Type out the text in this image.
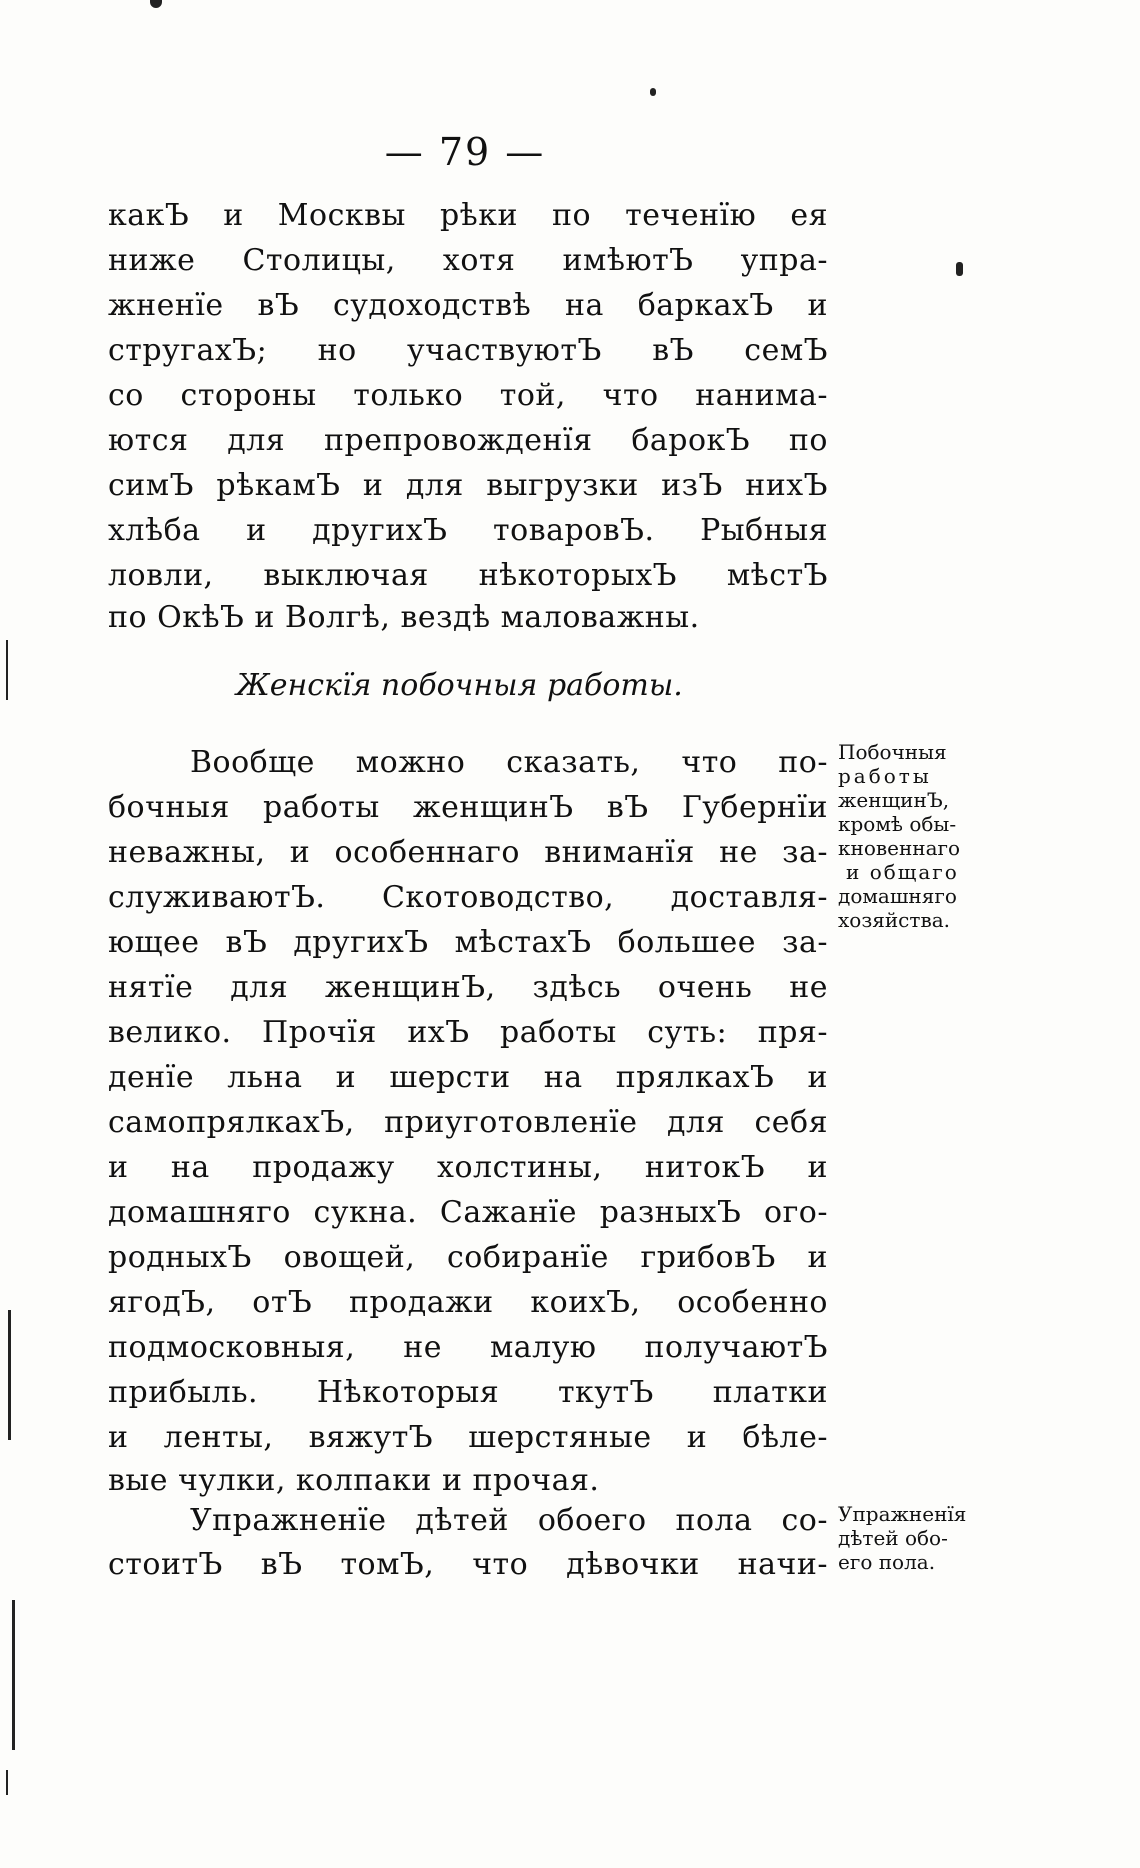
— 79 —
какЪ и Москвы рѣки по теченїю ея
ниже Столицы, хотя имѣютЪ упра-
жненїе вЪ судоходствѣ на баркахЪ и
стругахЪ; но участвуютЪ вЪ семЪ
со стороны только той, что нанима-
ются для препровожденїя барокЪ по
симЪ рѣкамЪ и для выгрузки изЪ нихЪ
хлѣба и другихЪ товаровЪ. Рыбныя
ловли, выключая нѣкоторыхЪ мѣстЪ
по ОкѣЪ и Волгѣ, вездѣ маловажны.
Женскїя побочныя работы.
Вообще можно сказать, что по-
бочныя работы женщинЪ вЪ Губернїи
неважны, и особеннаго вниманїя не за-
служиваютЪ. Скотоводство, доставля-
ющее вЪ другихЪ мѣстахЪ большее за-
нятїе для женщинЪ, здѣсь очень не
велико. Прочїя ихЪ работы суть: пря-
денїе льна и шерсти на прялкахЪ и
самопрялкахЪ, приуготовленїе для себя
и на продажу холстины, нитокЪ и
домашняго сукна. Сажанїе разныхЪ ого-
родныхЪ овощей, собиранїе грибовЪ и
ягодЪ, отЪ продажи коихЪ, особенно
подмосковныя, не малую получаютЪ
прибыль. Нѣкоторыя ткутЪ платки
и ленты, вяжутЪ шерстяные и бѣле-
вые чулки, колпаки и прочая.
Побочныя
работы
женщинЪ,
кромѣ обы-
кновеннаго
и общаго
домашняго
хозяйства.
Упражненїе дѣтей обоего пола со-
стоитЪ вЪ томЪ, что дѣвочки начи-
Упражненїя
дѣтей обо-
его пола.
